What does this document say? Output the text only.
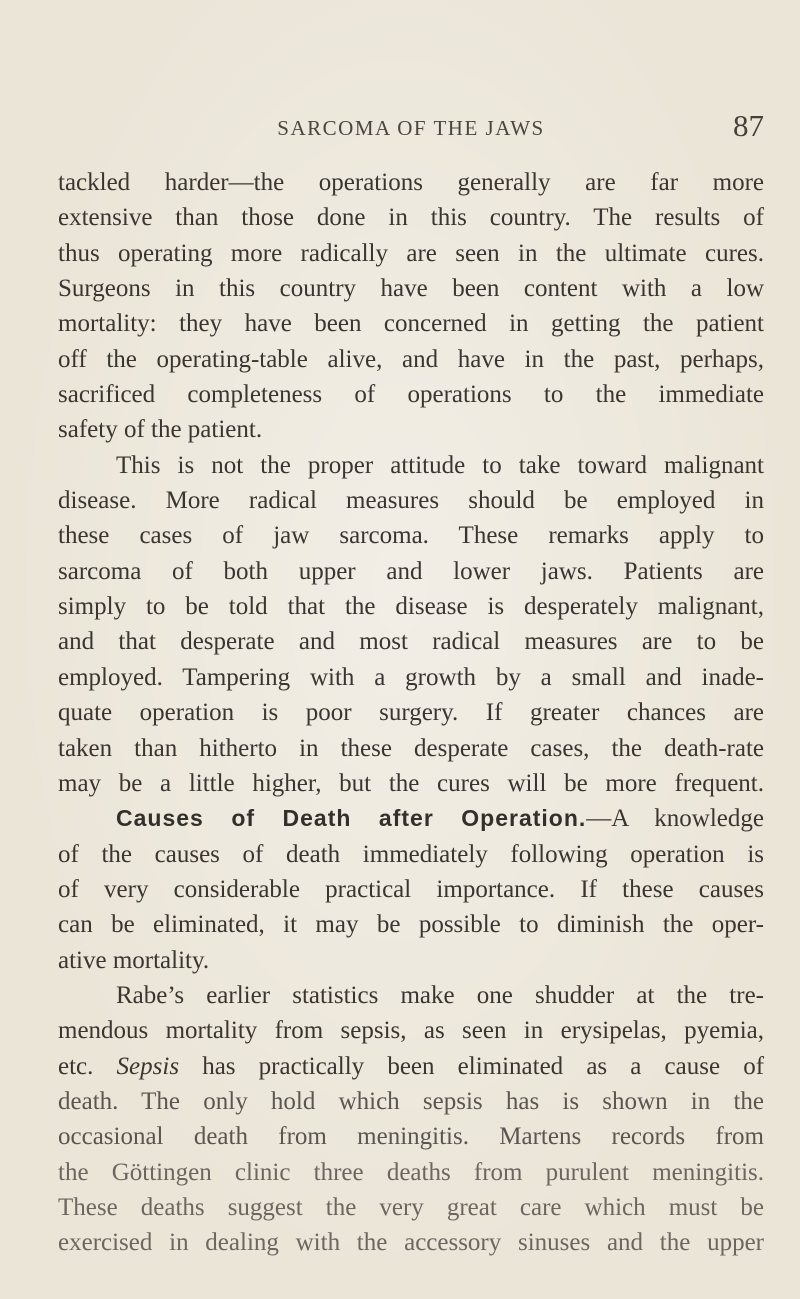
SARCOMA OF THE JAWS	87
tackled harder—the operations generally are far more
extensive than those done in this country. The results of
thus operating more radically are seen in the ultimate cures.
Surgeons in this country have been content with a low
mortality: they have been concerned in getting the patient
off the operating-table alive, and have in the past, perhaps,
sacrificed completeness of operations to the immediate
safety of the patient.
This is not the proper attitude to take toward malignant
disease. More radical measures should be employed in
these cases of jaw sarcoma. These remarks apply to
sarcoma of both upper and lower jaws. Patients are
simply to be told that the disease is desperately malignant,
and that desperate and most radical measures are to be
employed. Tampering with a growth by a small and inade-
quate operation is poor surgery. If greater chances are
taken than hitherto in these desperate cases, the death-rate
may be a little higher, but the cures will be more frequent.
Causes of Death after Operation.—A knowledge
of the causes of death immediately following operation is
of very considerable practical importance. If these causes
can be eliminated, it may be possible to diminish the oper-
ative mortality.
Rabe’s earlier statistics make one shudder at the tre-
mendous mortality from sepsis, as seen in erysipelas, pyemia,
etc. Sepsis has practically been eliminated as a cause of
death. The only hold which sepsis has is shown in the
occasional death from meningitis. Martens records from
the Göttingen clinic three deaths from purulent meningitis.
These deaths suggest the very great care which must be
exercised in dealing with the accessory sinuses and the upper
